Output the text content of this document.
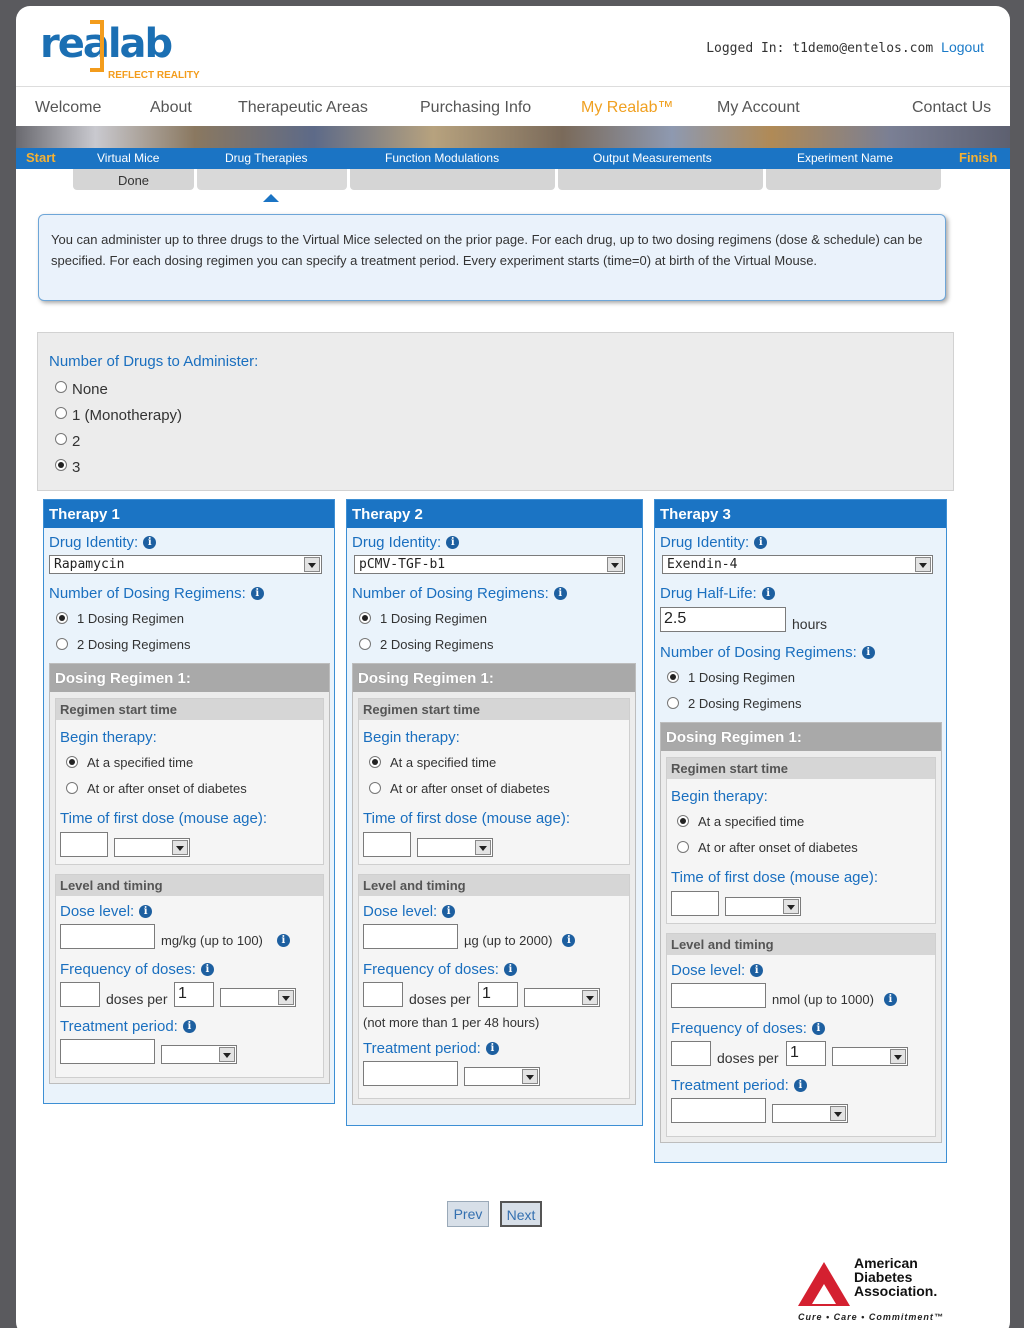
realab
REFLECT REALITY
Logged In: t1demo@entelos.com Logout
Welcome	About	Therapeutic Areas	Purchasing Info	My Realab™	My Account	Contact Us
Start	Virtual Mice	Drug Therapies	Function Modulations	Output Measurements	Experiment Name	Finish
Done
You can administer up to three drugs to the Virtual Mice selected on the prior page. For each drug, up to two dosing regimens (dose & schedule) can be specified. For each dosing regimen you can specify a treatment period. Every experiment starts (time=0) at birth of the Virtual Mouse.
Number of Drugs to Administer:
None
1 (Monotherapy)
2
3
Therapy 1
Drug Identity: i
Rapamycin
Number of Dosing Regimens: i
1 Dosing Regimen
2 Dosing Regimens
Dosing Regimen 1:
Regimen start time
Begin therapy:
At a specified time
At or after onset of diabetes
Time of first dose (mouse age):
Level and timing
Dose level: i
mg/kg (up to 100) i
Frequency of doses: i
doses per 1
Treatment period: i
Therapy 2
Drug Identity: i
pCMV-TGF-b1
Number of Dosing Regimens: i
1 Dosing Regimen
2 Dosing Regimens
Dosing Regimen 1:
Regimen start time
Begin therapy:
At a specified time
At or after onset of diabetes
Time of first dose (mouse age):
Level and timing
Dose level: i
µg (up to 2000) i
Frequency of doses: i
doses per 1
(not more than 1 per 48 hours)
Treatment period: i
Therapy 3
Drug Identity: i
Exendin-4
Drug Half-Life: i
2.5	hours
Number of Dosing Regimens: i
1 Dosing Regimen
2 Dosing Regimens
Dosing Regimen 1:
Regimen start time
Begin therapy:
At a specified time
At or after onset of diabetes
Time of first dose (mouse age):
Level and timing
Dose level: i
nmol (up to 1000) i
Frequency of doses: i
doses per 1
Treatment period: i
Prev	Next
American
Diabetes
Association.
Cure • Care • Commitment™
